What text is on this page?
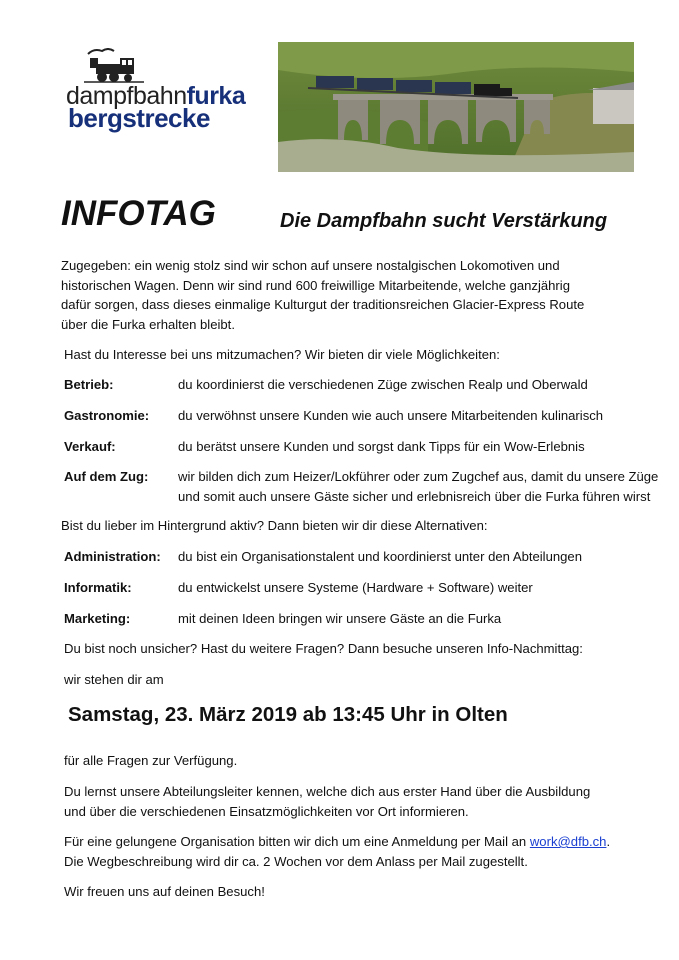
dampfbahnfurka
bergstrecke
INFOTAG	Die Dampfbahn sucht Verstärkung
Zugegeben: ein wenig stolz sind wir schon auf unsere nostalgischen Lokomotiven und
historischen Wagen. Denn wir sind rund 600 freiwillige Mitarbeitende, welche ganzjährig
dafür sorgen, dass dieses einmalige Kulturgut der traditionsreichen Glacier-Express Route
über die Furka erhalten bleibt.
Hast du Interesse bei uns mitzumachen? Wir bieten dir viele Möglichkeiten:
Betrieb:	du koordinierst die verschiedenen Züge zwischen Realp und Oberwald
Gastronomie: du verwöhnst unsere Kunden wie auch unsere Mitarbeitenden kulinarisch
Verkauf:	du berätst unsere Kunden und sorgst dank Tipps für ein Wow-Erlebnis
Auf dem Zug: wir bilden dich zum Heizer/Lokführer oder zum Zugchef aus, damit du unsere Züge
und somit auch unsere Gäste sicher und erlebnisreich über die Furka führen wirst
Bist du lieber im Hintergrund aktiv? Dann bieten wir dir diese Alternativen:
Administration: du bist ein Organisationstalent und koordinierst unter den Abteilungen
Informatik:	du entwickelst unsere Systeme (Hardware + Software) weiter
Marketing:	mit deinen Ideen bringen wir unsere Gäste an die Furka
Du bist noch unsicher? Hast du weitere Fragen? Dann besuche unseren Info-Nachmittag:
wir stehen dir am
Samstag, 23. März 2019 ab 13:45 Uhr in Olten
für alle Fragen zur Verfügung.
Du lernst unsere Abteilungsleiter kennen, welche dich aus erster Hand über die Ausbildung
und über die verschiedenen Einsatzmöglichkeiten vor Ort informieren.
Für eine gelungene Organisation bitten wir dich um eine Anmeldung per Mail an work@dfb.ch.
Die Wegbeschreibung wird dir ca. 2 Wochen vor dem Anlass per Mail zugestellt.
Wir freuen uns auf deinen Besuch!
